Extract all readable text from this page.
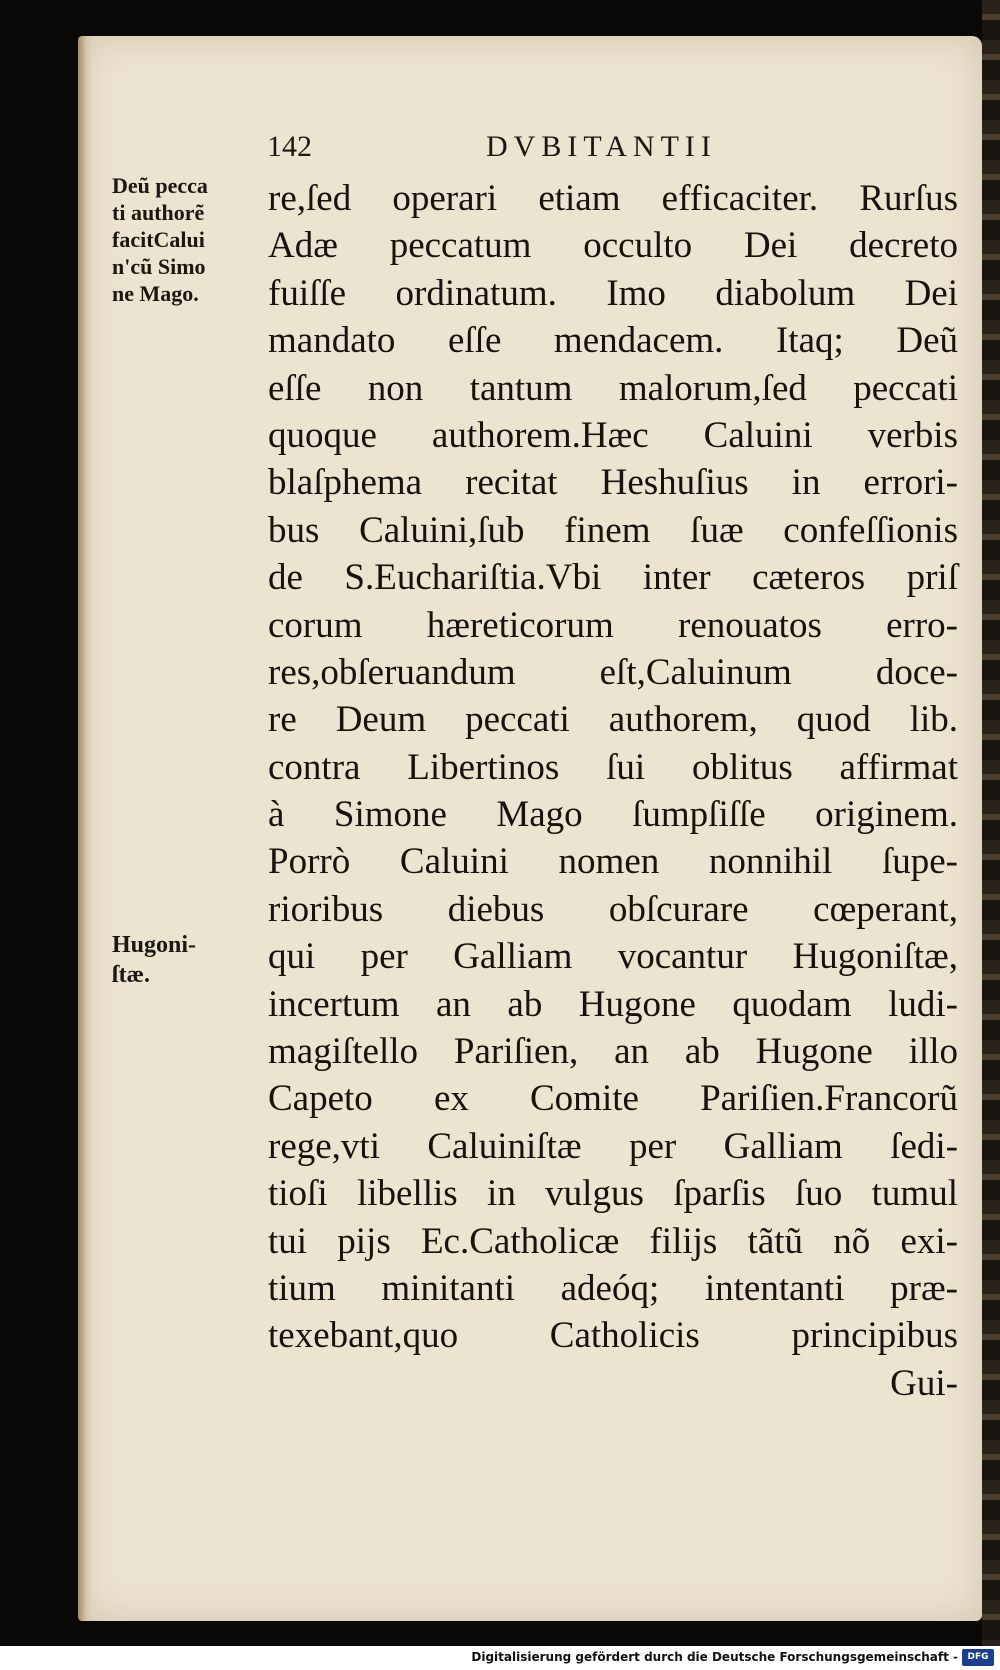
142	DVBITANTII
Deũ pecca
ti authorẽ
facitCalui
n'cũ Simo
ne Mago.
Hugoni-
ſtæ.
re,ſed operari etiam efficaciter. Rurſus
Adæ peccatum occulto Dei decreto
fuiſſe ordinatum. Imo diabolum Dei
mandato eſſe mendacem. Itaq; Deũ
eſſe non tantum malorum,ſed peccati
quoque authorem.Hæc Caluini verbis
blaſphema recitat Heshuſius in errori-
bus Caluini,ſub finem ſuæ confeſſionis
de S.Euchariſtia.Vbi inter cæteros priſ
corum hæreticorum renouatos erro-
res,obſeruandum eſt,Caluinum doce-
re Deum peccati authorem, quod lib.
contra Libertinos ſui oblitus affirmat
à Simone Mago ſumpſiſſe originem.
Porrò Caluini nomen nonnihil ſupe-
rioribus diebus obſcurare cœperant,
qui per Galliam vocantur Hugoniſtæ,
incertum an ab Hugone quodam ludi-
magiſtello Pariſien, an ab Hugone illo
Capeto ex Comite Pariſien.Francorũ
rege,vti Caluiniſtæ per Galliam ſedi-
tioſi libellis in vulgus ſparſis ſuo tumul
tui pijs Ec.Catholicæ filijs tãtũ nõ exi-
tium minitanti adeóq; intentanti præ-
texebant,quo Catholicis principibus
Gui-
Digitalisierung gefördert durch die Deutsche Forschungsgemeinschaft -	DFG
